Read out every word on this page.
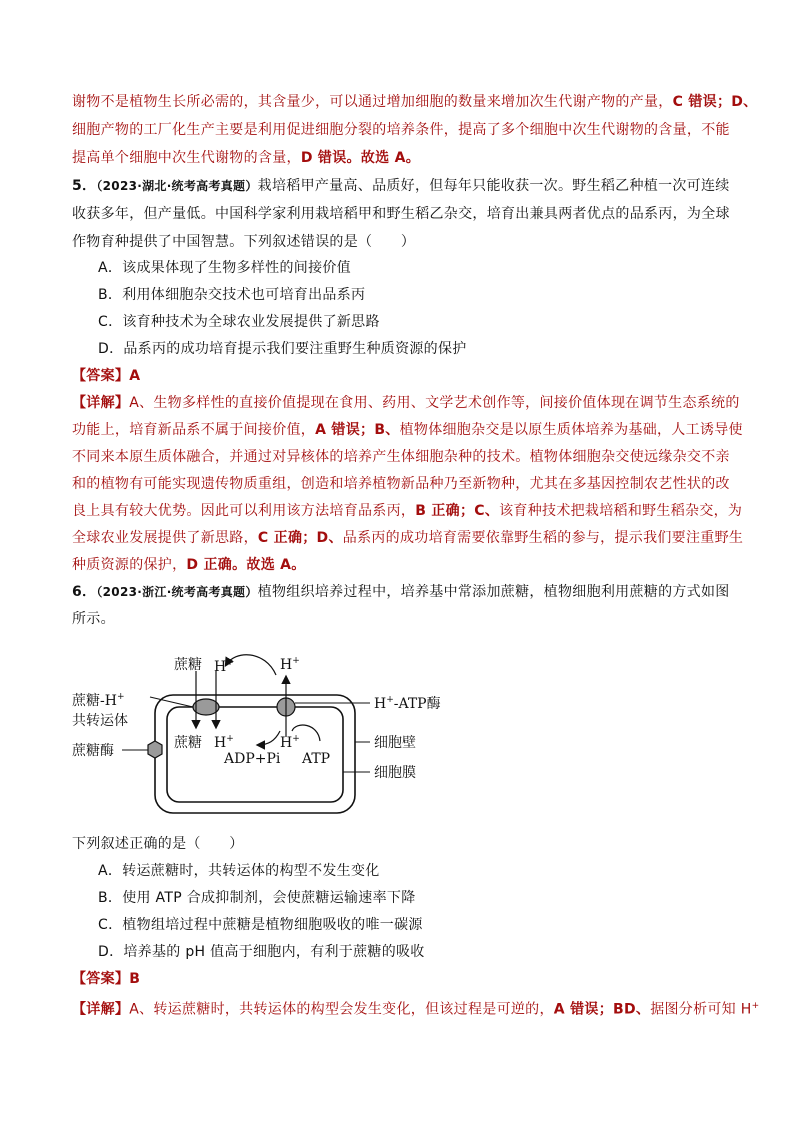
谢物不是植物生长所必需的，其含量少，可以通过增加细胞的数量来增加次生代谢产物的产量，C 错误；D、
细胞产物的工厂化生产主要是利用促进细胞分裂的培养条件，提高了多个细胞中次生代谢物的含量，不能
提高单个细胞中次生代谢物的含量，D 错误。故选 A。
5．（2023·湖北·统考高考真题）栽培稻甲产量高、品质好，但每年只能收获一次。野生稻乙种植一次可连续
收获多年，但产量低。中国科学家利用栽培稻甲和野生稻乙杂交，培育出兼具两者优点的品系丙，为全球
作物育种提供了中国智慧。下列叙述错误的是（　　）
A．该成果体现了生物多样性的间接价值
B．利用体细胞杂交技术也可培育出品系丙
C．该育种技术为全球农业发展提供了新思路
D．品系丙的成功培育提示我们要注重野生种质资源的保护
【答案】A
【详解】A、生物多样性的直接价值提现在食用、药用、文学艺术创作等，间接价值体现在调节生态系统的
功能上，培育新品系不属于间接价值，A 错误；B、植物体细胞杂交是以原生质体培养为基础，人工诱导使
不同来本原生质体融合，并通过对异核体的培养产生体细胞杂种的技术。植物体细胞杂交使远缘杂交不亲
和的植物有可能实现遗传物质重组，创造和培养植物新品种乃至新物种，尤其在多基因控制农艺性状的改
良上具有较大优势。因此可以利用该方法培育品系丙，B 正确；C、该育种技术把栽培稻和野生稻杂交，为
全球农业发展提供了新思路，C 正确；D、品系丙的成功培育需要依靠野生稻的参与，提示我们要注重野生
种质资源的保护，D 正确。故选 A。
6．（2023·浙江·统考高考真题）植物组织培养过程中，培养基中常添加蔗糖，植物细胞利用蔗糖的方式如图
所示。
蔗糖 H+	H+
蔗糖-H+
共转运体
H+-ATP酶
蔗糖 H+	H+
ADP+Pi ATP
细胞壁
蔗糖酶
细胞膜
下列叙述正确的是（　　）
A．转运蔗糖时，共转运体的构型不发生变化
B．使用 ATP 合成抑制剂，会使蔗糖运输速率下降
C．植物组培过程中蔗糖是植物细胞吸收的唯一碳源
D．培养基的 pH 值高于细胞内，有利于蔗糖的吸收
【答案】B
【详解】A、转运蔗糖时，共转运体的构型会发生变化，但该过程是可逆的，A 错误；BD、据图分析可知 H+
